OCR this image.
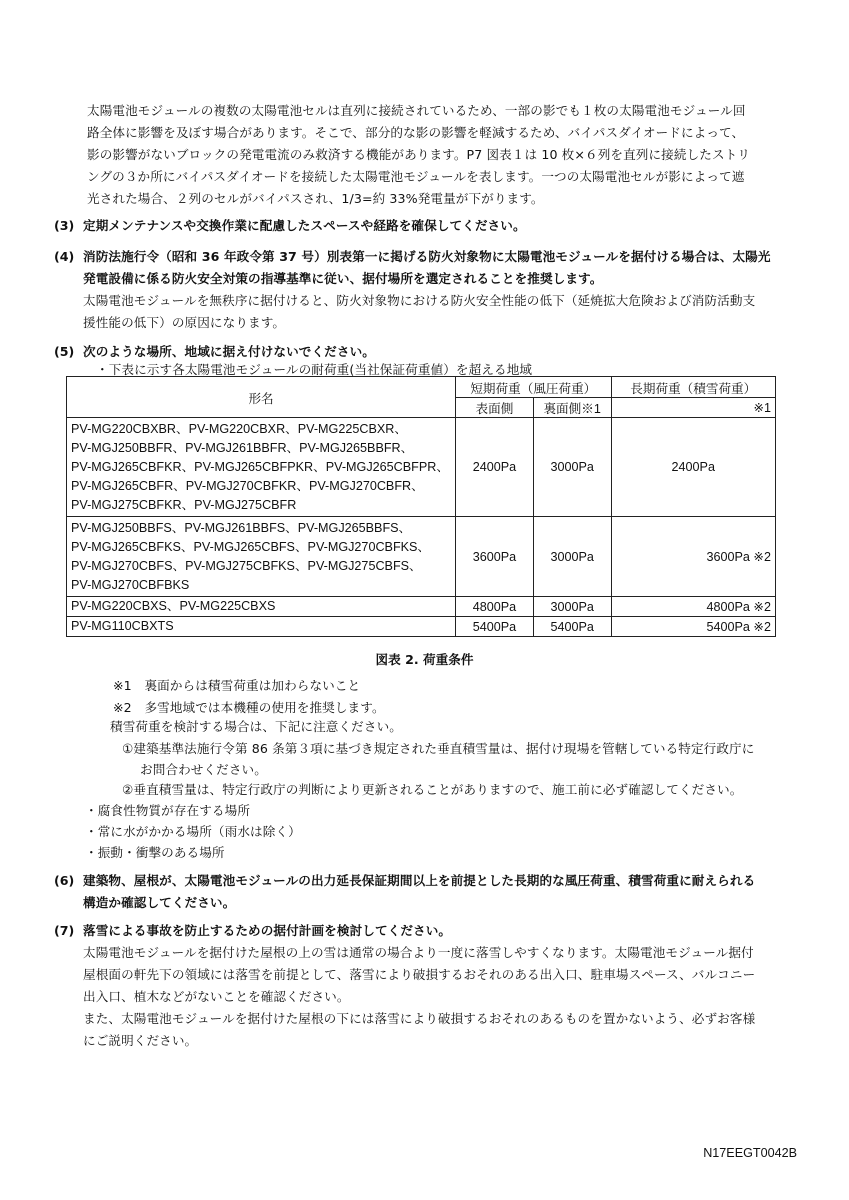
太陽電池モジュールの複数の太陽電池セルは直列に接続されているため、一部の影でも１枚の太陽電池モジュール回
路全体に影響を及ぼす場合があります。そこで、部分的な影の影響を軽減するため、バイパスダイオードによって、
影の影響がないブロックの発電電流のみ救済する機能があります。P7 図表１は 10 枚×６列を直列に接続したストリ
ングの３か所にバイパスダイオードを接続した太陽電池モジュールを表します。一つの太陽電池セルが影によって遮
光された場合、２列のセルがバイパスされ、1/3=約 33%発電量が下がります。
(3) 定期メンテナンスや交換作業に配慮したスペースや経路を確保してください。
(4) 消防法施行令（昭和 36 年政令第 37 号）別表第一に掲げる防火対象物に太陽電池モジュールを据付ける場合は、太陽光
発電設備に係る防火安全対策の指導基準に従い、据付場所を選定されることを推奨します。
太陽電池モジュールを無秩序に据付けると、防火対象物における防火安全性能の低下（延焼拡大危険および消防活動支
援性能の低下）の原因になります。
(5) 次のような場所、地域に据え付けないでください。
・下表に示す各太陽電池モジュールの耐荷重(当社保証荷重値）を超える地域
形名	短期荷重（風圧荷重）		長期荷重（積雪荷重）
	表面側	裏面側※1	※1

PV-MG220CBXBR、PV-MG220CBXR、PV-MG225CBXR、
PV-MGJ250BBFR、PV-MGJ261BBFR、PV-MGJ265BBFR、
PV-MGJ265CBFKR、PV-MGJ265CBFPKR、PV-MGJ265CBFPR、
PV-MGJ265CBFR、PV-MGJ270CBFKR、PV-MGJ270CBFR、
PV-MGJ275CBFKR、PV-MGJ275CBFR	2400Pa	3000Pa	2400Pa

PV-MGJ250BBFS、PV-MGJ261BBFS、PV-MGJ265BBFS、
PV-MGJ265CBFKS、PV-MGJ265CBFS、PV-MGJ270CBFKS、
PV-MGJ270CBFS、PV-MGJ275CBFKS、PV-MGJ275CBFS、
PV-MGJ270CBFBKS	3600Pa	3000Pa	3600Pa ※2
PV-MG220CBXS、PV-MG225CBXS	4800Pa	3000Pa	4800Pa ※2
PV-MG110CBXTS	5400Pa	5400Pa	5400Pa ※2
図表 2. 荷重条件
※1　裏面からは積雪荷重は加わらないこと
※2　多雪地域では本機種の使用を推奨します。
積雪荷重を検討する場合は、下記に注意ください。
①建築基準法施行令第 86 条第３項に基づき規定された垂直積雪量は、据付け現場を管轄している特定行政庁に
お問合わせください。
②垂直積雪量は、特定行政庁の判断により更新されることがありますので、施工前に必ず確認してください。
・腐食性物質が存在する場所
・常に水がかかる場所（雨水は除く）
・振動・衝撃のある場所
(6) 建築物、屋根が、太陽電池モジュールの出力延長保証期間以上を前提とした長期的な風圧荷重、積雪荷重に耐えられる
構造か確認してください。
(7) 落雪による事故を防止するための据付計画を検討してください。
太陽電池モジュールを据付けた屋根の上の雪は通常の場合より一度に落雪しやすくなります。太陽電池モジュール据付
屋根面の軒先下の領域には落雪を前提として、落雪により破損するおそれのある出入口、駐車場スペース、バルコニー
出入口、植木などがないことを確認ください。
また、太陽電池モジュールを据付けた屋根の下には落雪により破損するおそれのあるものを置かないよう、必ずお客様
にご説明ください。
N17EEGT0042B
